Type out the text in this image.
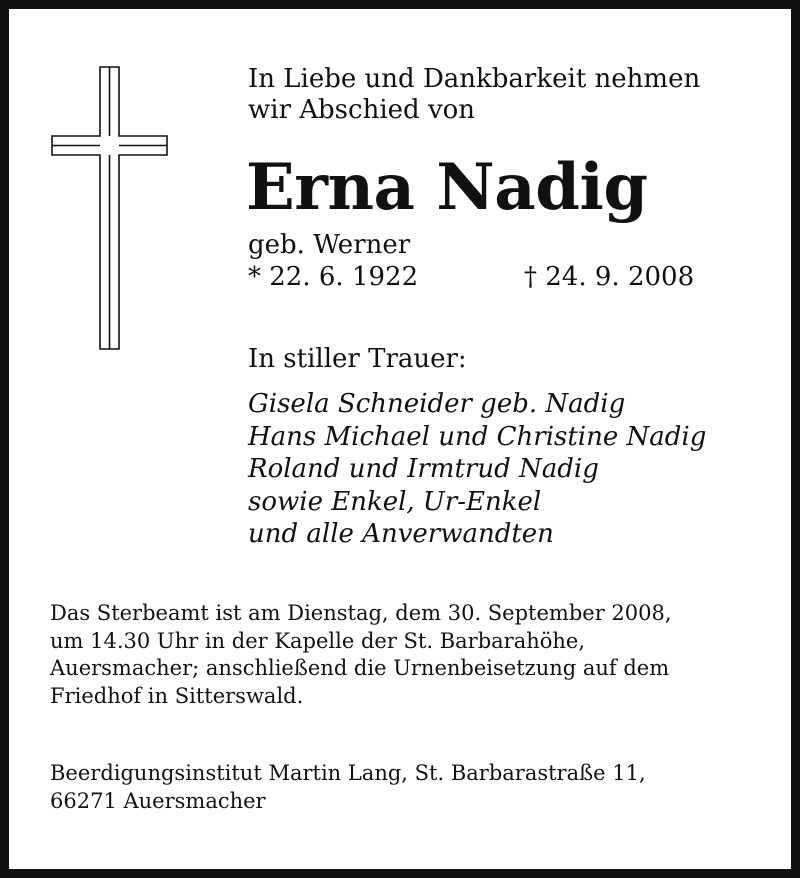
In Liebe und Dankbarkeit nehmen
wir Abschied von
Erna Nadig
geb. Werner
* 22. 6. 1922	† 24. 9. 2008
In stiller Trauer:
Gisela Schneider geb. Nadig
Hans Michael und Christine Nadig
Roland und Irmtrud Nadig
sowie Enkel, Ur-Enkel
und alle Anverwandten
Das Sterbeamt ist am Dienstag, dem 30. September 2008,
um 14.30 Uhr in der Kapelle der St. Barbarahöhe,
Auersmacher; anschließend die Urnenbeisetzung auf dem
Friedhof in Sitterswald.
Beerdigungsinstitut Martin Lang, St. Barbarastraße 11,
66271 Auersmacher
